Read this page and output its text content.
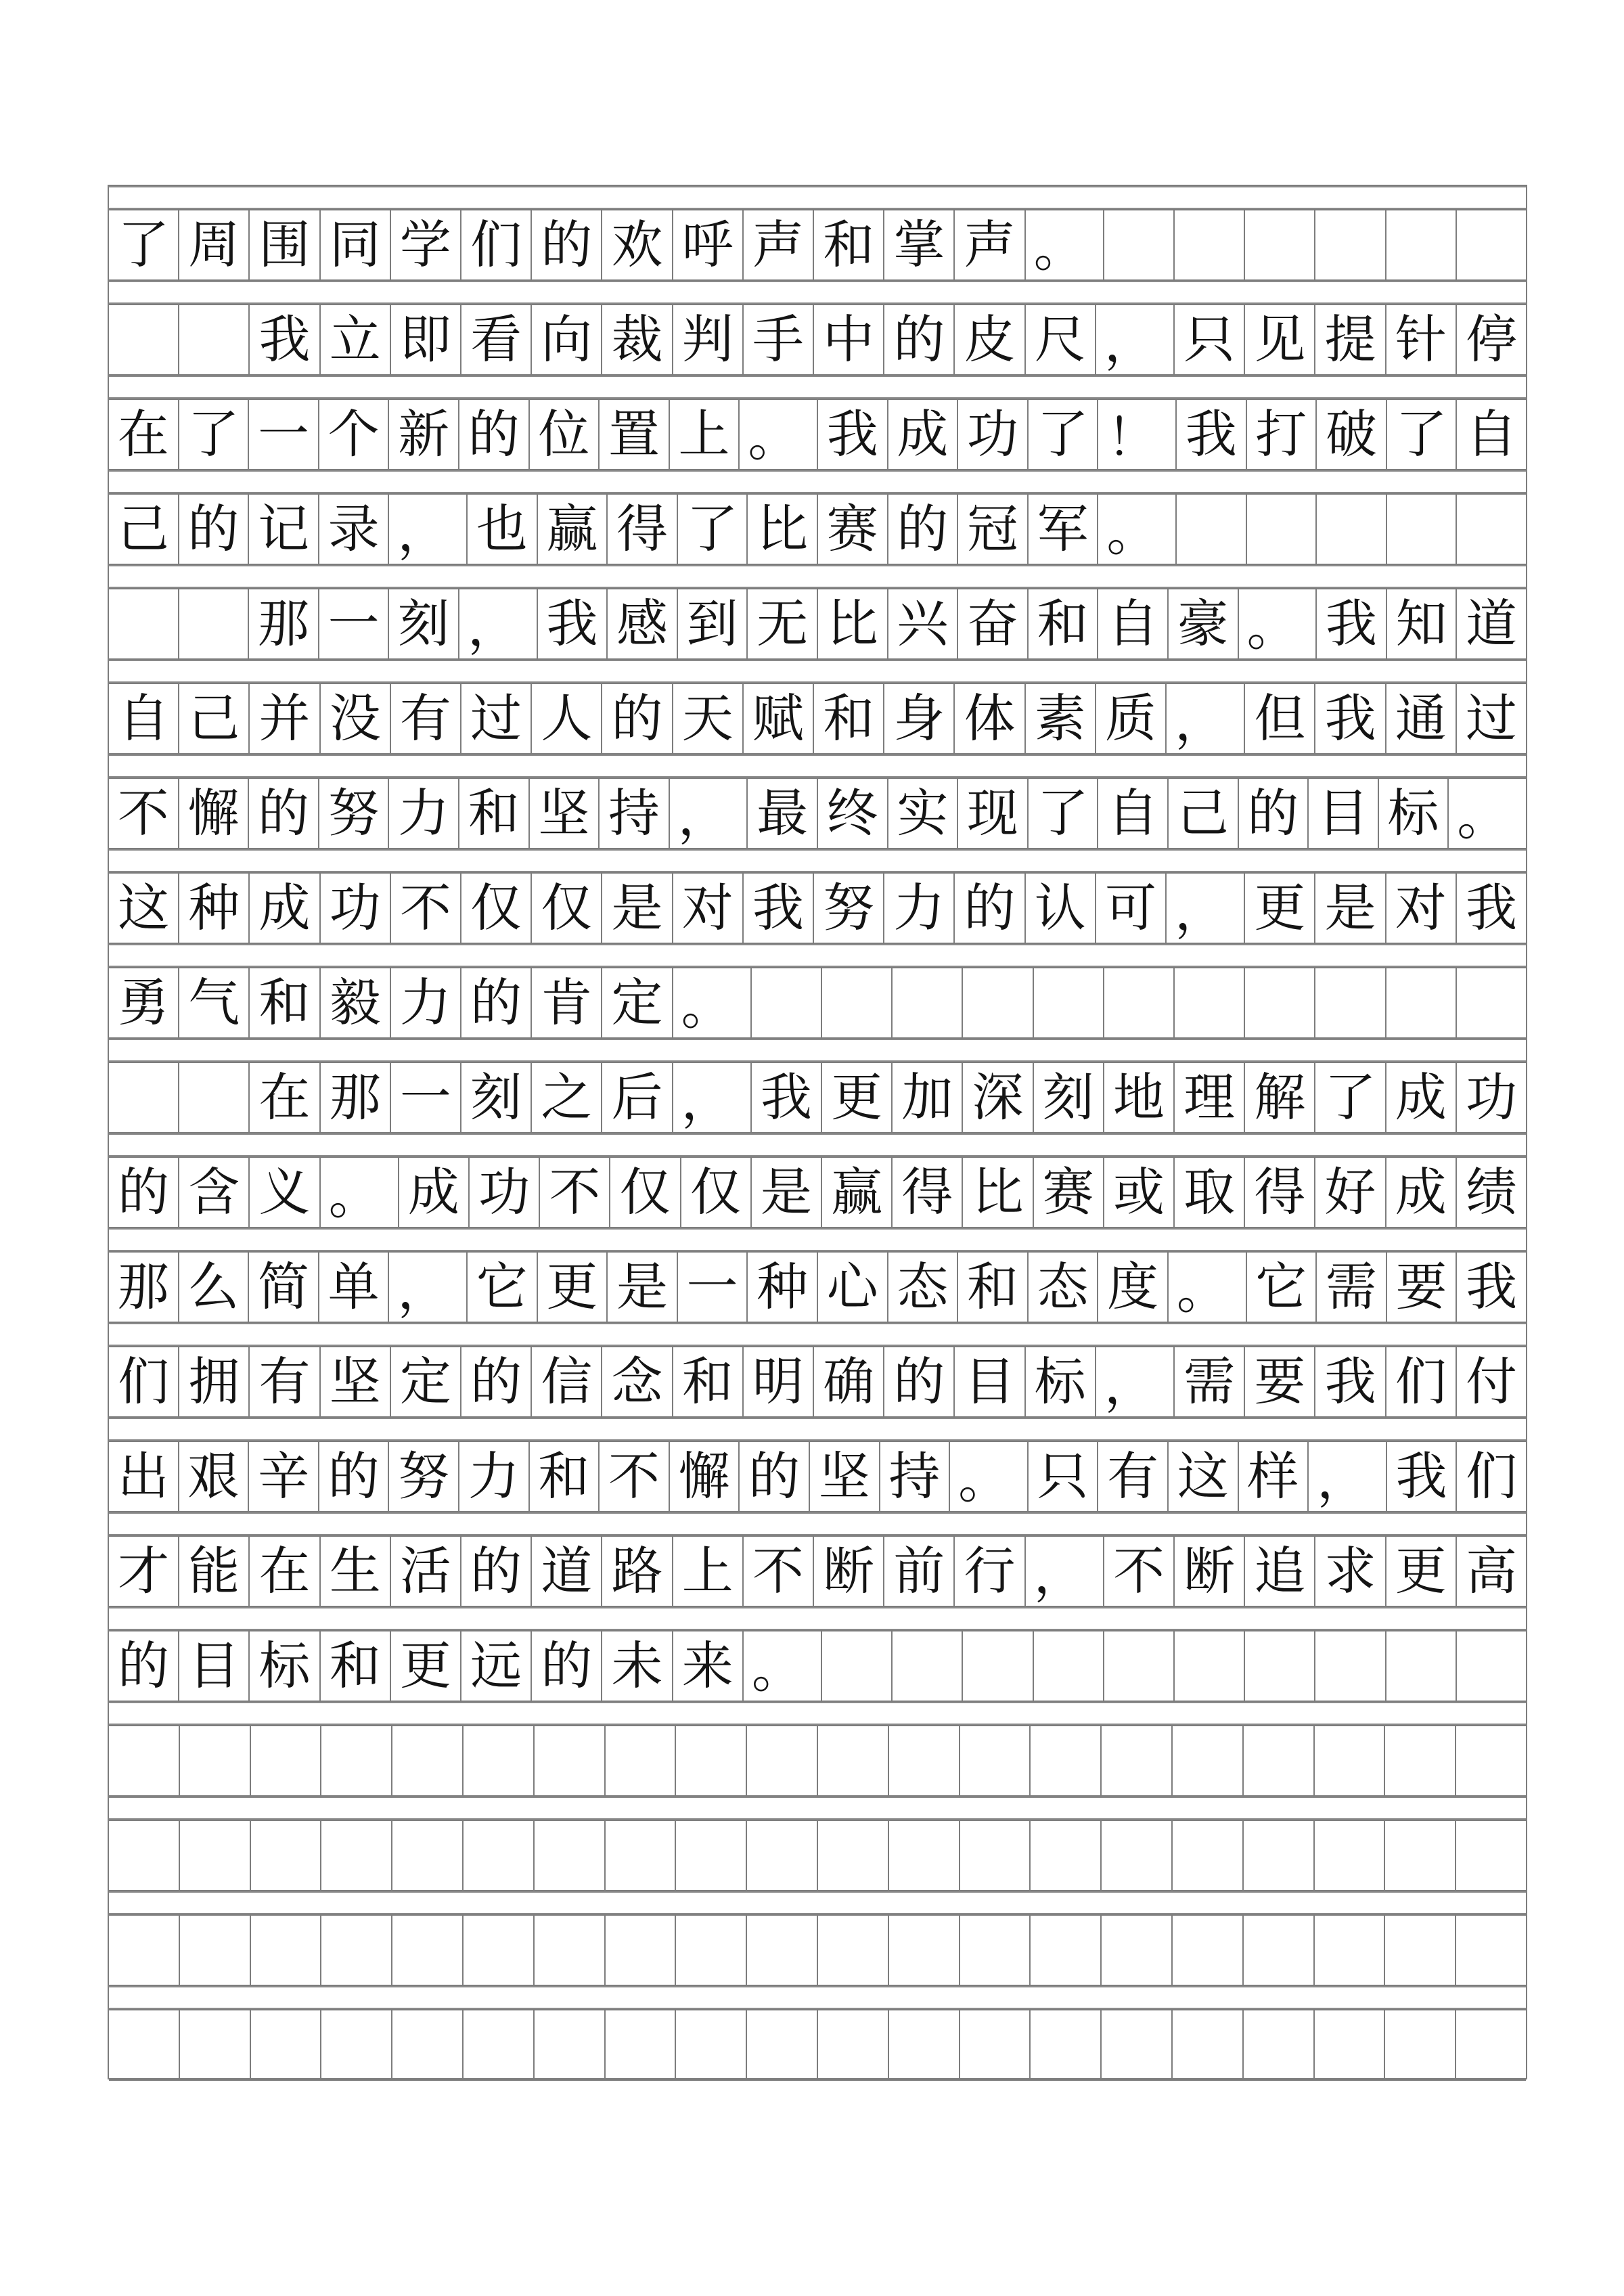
了 周 围 同 学 们 的 欢 呼 声 和 掌 声 。
我 立 即 看 向 裁 判 手 中 的 皮 尺 ， 只 见 提 针 停
在 了 一 个 新 的 位 置 上 。 我 成 功 了 ！ 我 打 破 了 自
己 的 记 录 ， 也 赢 得 了 比 赛 的 冠 军 。
那 一 刻 ， 我 感 到 无 比 兴 奋 和 自 豪 。 我 知 道
自 己 并 没 有 过 人 的 天 赋 和 身 体 素 质 ， 但 我 通 过
不 懈 的 努 力 和 坚 持 ， 最 终 实 现 了 自 己 的 目 标 。
这 种 成 功 不 仅 仅 是 对 我 努 力 的 认 可 ， 更 是 对 我
勇 气 和 毅 力 的 肯 定 。
在 那 一 刻 之 后 ， 我 更 加 深 刻 地 理 解 了 成 功
的 含 义 。 成 功 不 仅 仅 是 赢 得 比 赛 或 取 得 好 成 绩
那 么 简 单 ， 它 更 是 一 种 心 态 和 态 度 。 它 需 要 我
们 拥 有 坚 定 的 信 念 和 明 确 的 目 标 ， 需 要 我 们 付
出 艰 辛 的 努 力 和 不 懈 的 坚 持 。 只 有 这 样 ， 我 们
才 能 在 生 活 的 道 路 上 不 断 前 行 ， 不 断 追 求 更 高
的 目 标 和 更 远 的 未 来 。
